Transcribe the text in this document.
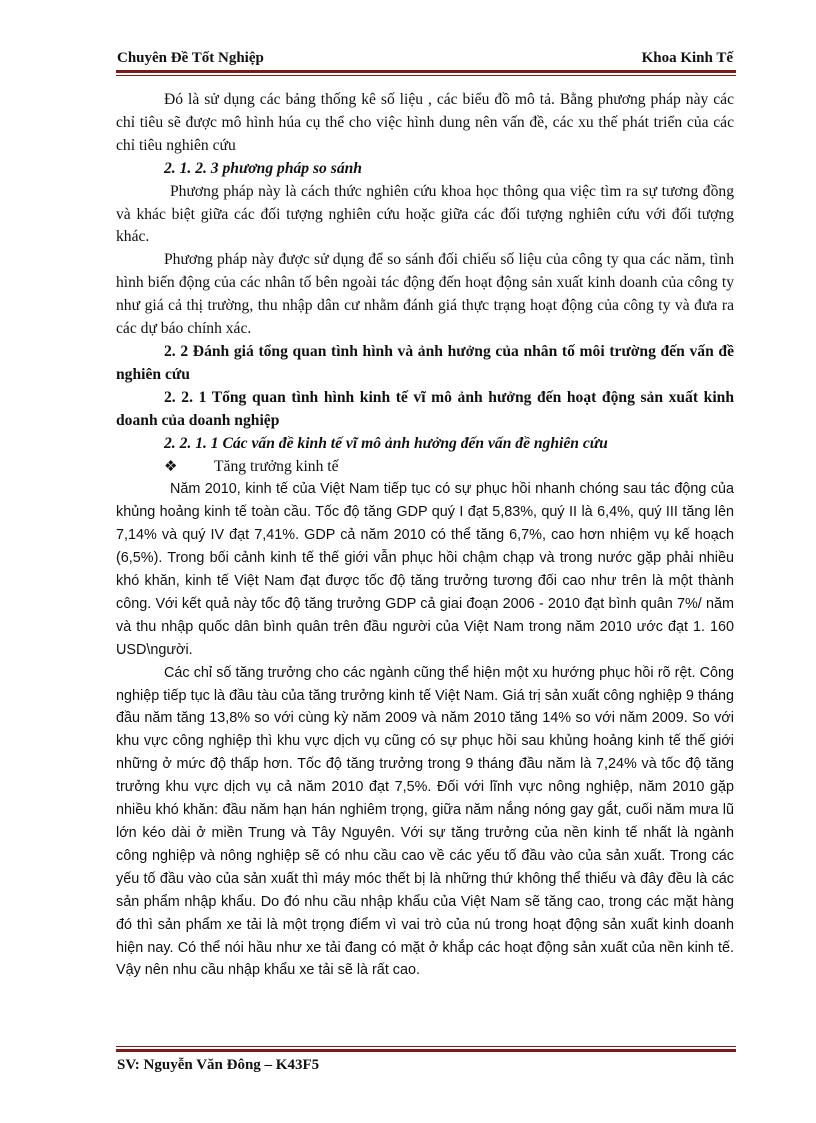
Chuyên Đề Tốt Nghiệp	Khoa Kinh Tế

Đó là sử dụng các bảng thống kê số liệu , các biểu đồ mô tả. Bằng phương pháp này các chỉ tiêu sẽ được mô hình húa cụ thể cho việc hình dung nên vấn đề, các xu thế phát triển của các chỉ tiêu nghiên cứu

2. 1. 2. 3 phương pháp so sánh

Phương pháp này là cách thức nghiên cứu khoa học thông qua việc tìm ra sự tương đồng và khác biệt giữa các đối tượng nghiên cứu hoặc giữa các đối tượng nghiên cứu với đối tượng khác.

Phương pháp này được sử dụng để so sánh đối chiếu số liệu của công ty qua các năm, tình hình biến động của các nhân tố bên ngoài tác động đến hoạt động sản xuất kinh doanh của công ty như giá cả thị trường, thu nhập dân cư nhằm đánh giá thực trạng hoạt động của công ty và đưa ra các dự báo chính xác.

2. 2 Đánh giá tổng quan tình hình và ảnh hưởng của nhân tố môi trường đến vấn đề nghiên cứu

2. 2. 1 Tổng quan tình hình kinh tế vĩ mô ảnh hưởng đến hoạt động sản xuất kinh doanh của doanh nghiệp

2. 2. 1. 1 Các vấn đề kinh tế vĩ mô ảnh hưởng đến vấn đề nghiên cứu

❖	Tăng trưởng kinh tế

Năm 2010, kinh tế của Việt Nam tiếp tục có sự phục hồi nhanh chóng sau tác động của khủng hoảng kinh tế toàn cầu. Tốc độ tăng GDP quý I đạt 5,83%, quý II là 6,4%, quý III tăng lên 7,14% và quý IV đạt 7,41%. GDP cả năm 2010 có thể tăng 6,7%, cao hơn nhiệm vụ kế hoạch (6,5%). Trong bối cảnh kinh tế thế giới vẫn phục hồi chậm chạp và trong nước gặp phải nhiều khó khăn, kinh tế Việt Nam đạt được tốc độ tăng trưởng tương đối cao như trên là một thành công. Với kết quả này tốc độ tăng trưởng GDP cả giai đoạn 2006 - 2010 đạt bình quân 7%/ năm và thu nhập quốc dân bình quân trên đầu người của Việt Nam trong năm 2010 ước đạt 1. 160 USD\người.

Các chỉ số tăng trưởng cho các ngành cũng thể hiện một xu hướng phục hồi rõ rệt. Công nghiệp tiếp tục là đầu tàu của tăng trưởng kinh tế Việt Nam. Giá trị sản xuất công nghiệp 9 tháng đầu năm tăng 13,8% so với cùng kỳ năm 2009 và năm 2010 tăng 14% so với năm 2009. So với khu vực công nghiệp thì khu vực dịch vụ cũng có sự phục hồi sau khủng hoảng kinh tế thế giới những ở mức độ thấp hơn. Tốc độ tăng trưởng trong 9 tháng đầu năm là 7,24% và tốc độ tăng trưởng khu vực dịch vụ cả năm 2010 đạt 7,5%. Đối với lĩnh vực nông nghiệp, năm 2010 gặp nhiều khó khăn: đầu năm hạn hán nghiêm trọng, giữa năm nắng nóng gay gắt, cuối năm mưa lũ lớn kéo dài ở miền Trung và Tây Nguyên. Với sự tăng trưởng của nền kinh tế nhất là ngành công nghiệp và nông nghiệp sẽ có nhu cầu cao về các yếu tố đầu vào của sản xuất. Trong các yếu tố đầu vào của sản xuất thì máy móc thết bị là những thứ không thể thiếu và đây đều là các sản phẩm nhập khẩu. Do đó nhu cầu nhập khẩu của Việt Nam sẽ tăng cao, trong các mặt hàng đó thì sản phẩm xe tải là một trọng điểm vì vai trò của nú trong hoạt động sản xuất kinh doanh hiện nay. Có thể nói hầu như xe tải đang có mặt ở khắp các hoạt động sản xuất của nền kinh tế. Vậy nên nhu cầu nhập khẩu xe tải sẽ là rất cao.

SV: Nguyễn Văn Đông – K43F5
